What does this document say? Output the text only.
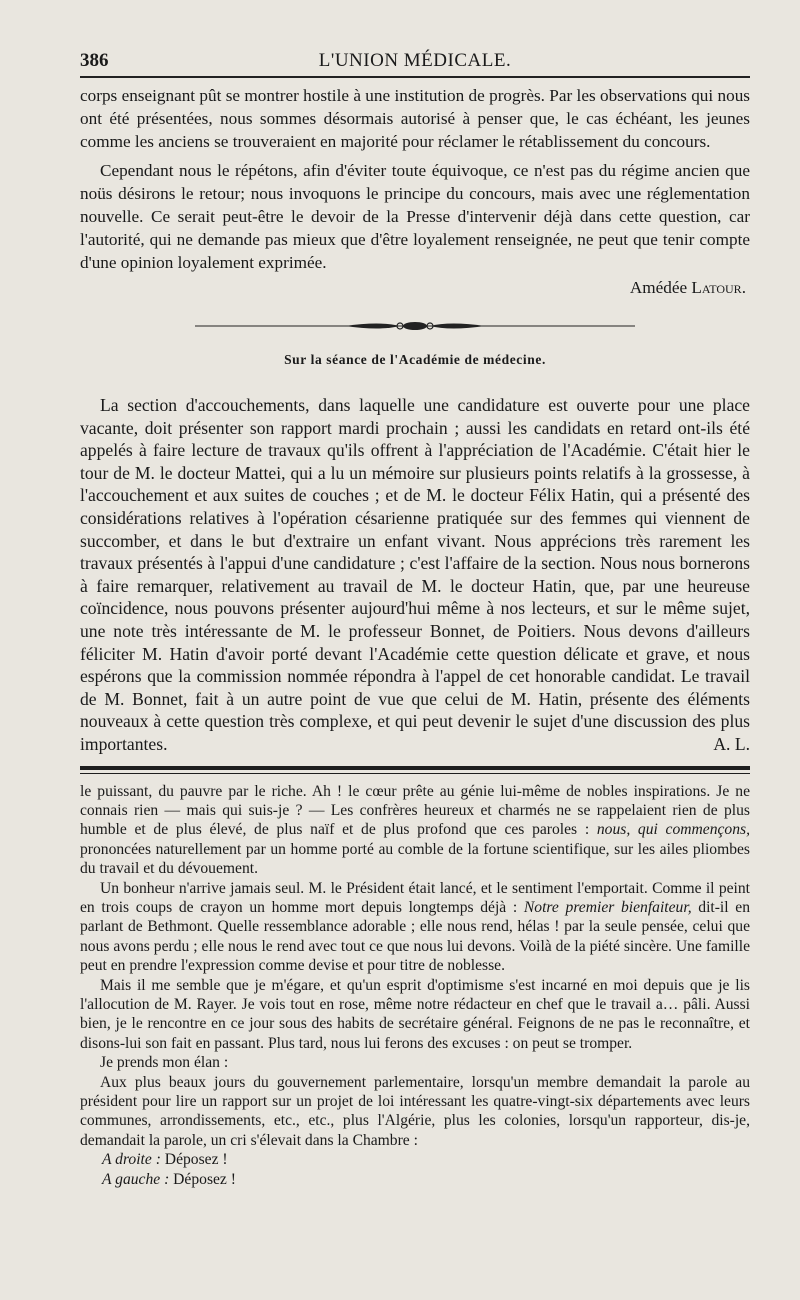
386	L'UNION MÉDICALE.

corps enseignant pût se montrer hostile à une institution de progrès. Par les observations qui nous ont été présentées, nous sommes désormais autorisé à penser que, le cas échéant, les jeunes comme les anciens se trouveraient en majorité pour réclamer le rétablissement du concours.

Cependant nous le répétons, afin d'éviter toute équivoque, ce n'est pas du régime ancien que noüs désirons le retour; nous invoquons le principe du concours, mais avec une réglementation nouvelle. Ce serait peut-être le devoir de la Presse d'intervenir déjà dans cette question, car l'autorité, qui ne demande pas mieux que d'être loyalement renseignée, ne peut que tenir compte d'une opinion loyalement exprimée.

Amédée Latour.
Sur la séance de l'Académie de médecine.
La section d'accouchements, dans laquelle une candidature est ouverte pour une place vacante, doit présenter son rapport mardi prochain ; aussi les candidats en retard ont-ils été appelés à faire lecture de travaux qu'ils offrent à l'appréciation de l'Académie. C'était hier le tour de M. le docteur Mattei, qui a lu un mémoire sur plusieurs points relatifs à la grossesse, à l'accouchement et aux suites de couches ; et de M. le docteur Félix Hatin, qui a présenté des considérations relatives à l'opération césarienne pratiquée sur des femmes qui viennent de succomber, et dans le but d'extraire un enfant vivant. Nous apprécions très rarement les travaux présentés à l'appui d'une candidature ; c'est l'affaire de la section. Nous nous bornerons à faire remarquer, relativement au travail de M. le docteur Hatin, que, par une heureuse coïncidence, nous pouvons présenter aujourd'hui même à nos lecteurs, et sur le même sujet, une note très intéressante de M. le professeur Bonnet, de Poitiers. Nous devons d'ailleurs féliciter M. Hatin d'avoir porté devant l'Académie cette question délicate et grave, et nous espérons que la commission nommée répondra à l'appel de cet honorable candidat. Le travail de M. Bonnet, fait à un autre point de vue que celui de M. Hatin, présente des éléments nouveaux à cette question très complexe, et qui peut devenir le sujet d'une discussion des plus importantes.	A. L.

le puissant, du pauvre par le riche. Ah ! le cœur prête au génie lui-même de nobles inspirations. Je ne connais rien — mais qui suis-je ? — Les confrères heureux et charmés ne se rappelaient rien de plus humble et de plus élevé, de plus naïf et de plus profond que ces paroles : nous, qui commençons, prononcées naturellement par un homme porté au comble de la fortune scientifique, sur les ailes pliombes du travail et du dévouement.

Un bonheur n'arrive jamais seul. M. le Président était lancé, et le sentiment l'emportait. Comme il peint en trois coups de crayon un homme mort depuis longtemps déjà : Notre premier bienfaiteur, dit-il en parlant de Bethmont. Quelle ressemblance adorable ; elle nous rend, hélas ! par la seule pensée, celui que nous avons perdu ; elle nous le rend avec tout ce que nous lui devons. Voilà de la piété sincère. Une famille peut en prendre l'expression comme devise et pour titre de noblesse.

Mais il me semble que je m'égare, et qu'un esprit d'optimisme s'est incarné en moi depuis que je lis l'allocution de M. Rayer. Je vois tout en rose, même notre rédacteur en chef que le travail a… pâli. Aussi bien, je le rencontre en ce jour sous des habits de secrétaire général. Feignons de ne pas le reconnaître, et disons-lui son fait en passant. Plus tard, nous lui ferons des excuses : on peut se tromper.

Je prends mon élan :

Aux plus beaux jours du gouvernement parlementaire, lorsqu'un membre demandait la parole au président pour lire un rapport sur un projet de loi intéressant les quatre-vingt-six départements avec leurs communes, arrondissements, etc., etc., plus l'Algérie, plus les colonies, lorsqu'un rapporteur, dis-je, demandait la parole, un cri s'élevait dans la Chambre :

A droite : Déposez !

A gauche : Déposez !
